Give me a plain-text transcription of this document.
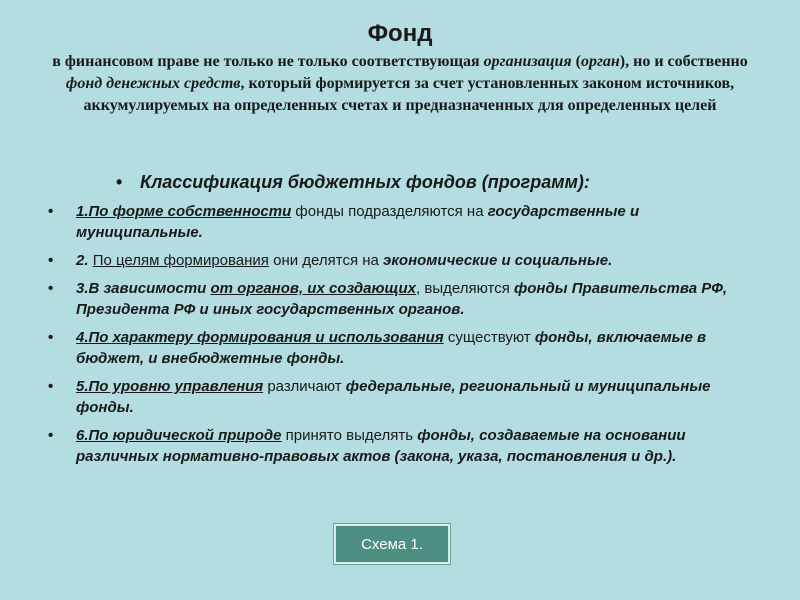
Фонд
в финансовом праве не только не только соответствующая организация (орган), но и собственно фонд денежных средств, который формируется за счет установленных законом источников, аккумулируемых на определенных счетах и предназначенных для определенных целей
• Классификация бюджетных фондов (программ):
• 1.По форме собственности фонды подразделяются на государственные и муниципальные.
• 2. По целям формирования они делятся на экономические и социальные.
• 3.В зависимости от органов, их создающих, выделяются фонды Правительства РФ, Президента РФ и иных государственных органов.
• 4.По характеру формирования и использования существуют фонды, включаемые в бюджет, и внебюджетные фонды.
• 5.По уровню управления различают федеральные, региональный и муниципальные фонды.
• 6.По юридической природе принято выделять фонды, создаваемые на основании различных нормативно-правовых актов (закона, указа, постановления и др.).
Схема 1.
